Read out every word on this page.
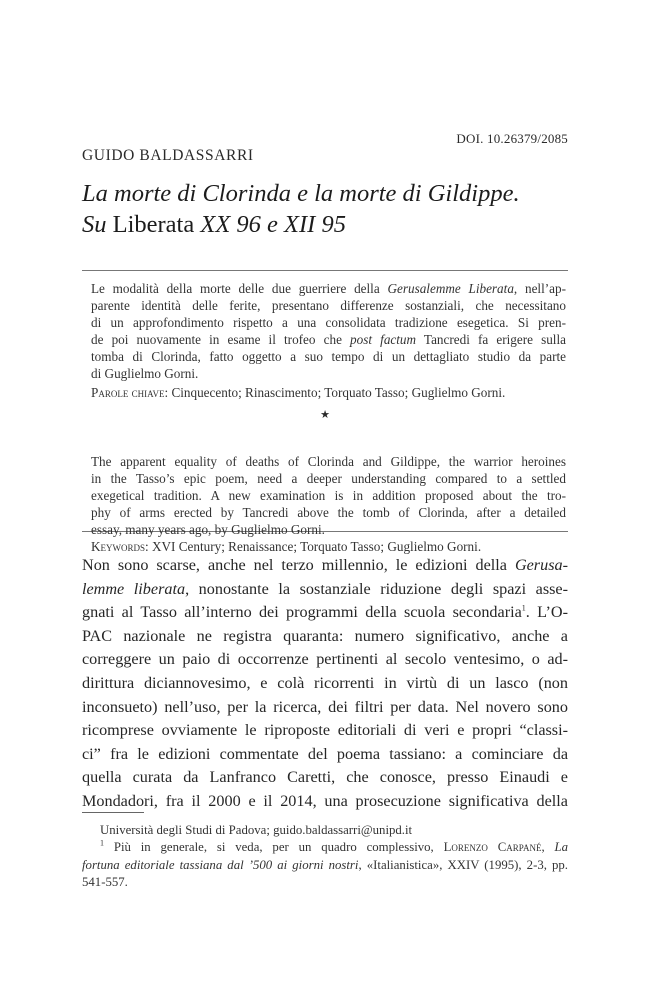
DOI. 10.26379/2085
GUIDO BALDASSARRI
La morte di Clorinda e la morte di Gildippe.
Su Liberata XX 96 e XII 95
Le modalità della morte delle due guerriere della Gerusalemme Liberata, nell’ap-
parente identità delle ferite, presentano differenze sostanziali, che necessitano
di un approfondimento rispetto a una consolidata tradizione esegetica. Si pren-
de poi nuovamente in esame il trofeo che post factum Tancredi fa erigere sulla
tomba di Clorinda, fatto oggetto a suo tempo di un dettagliato studio da parte
di Guglielmo Gorni.
Parole chiave: Cinquecento; Rinascimento; Torquato Tasso; Guglielmo Gorni.
★
The apparent equality of deaths of Clorinda and Gildippe, the warrior heroines
in the Tasso’s epic poem, need a deeper understanding compared to a settled
exegetical tradition. A new examination is in addition proposed about the tro-
phy of arms erected by Tancredi above the tomb of Clorinda, after a detailed
essay, many years ago, by Guglielmo Gorni.
Keywords: XVI Century; Renaissance; Torquato Tasso; Guglielmo Gorni.
Non sono scarse, anche nel terzo millennio, le edizioni della Gerusa-
lemme liberata, nonostante la sostanziale riduzione degli spazi asse-
gnati al Tasso all’interno dei programmi della scuola secondaria$^1$. L’O-
PAC nazionale ne registra quaranta: numero significativo, anche a
correggere un paio di occorrenze pertinenti al secolo ventesimo, o ad-
dirittura diciannovesimo, e colà ricorrenti in virtù di un lasco (non
inconsueto) nell’uso, per la ricerca, dei filtri per data. Nel novero sono
ricomprese ovviamente le riproposte editoriali di veri e propri “classi-
ci” fra le edizioni commentate del poema tassiano: a cominciare da
quella curata da Lanfranco Caretti, che conosce, presso Einaudi e
Mondadori, fra il 2000 e il 2014, una prosecuzione significativa della
Università degli Studi di Padova; guido.baldassarri@unipd.it
$^1$ Più in generale, si veda, per un quadro complessivo, Lorenzo Carpané, La
fortuna editoriale tassiana dal ’500 ai giorni nostri, «Italianistica», XXIV (1995), 2-3, pp.
541-557.
